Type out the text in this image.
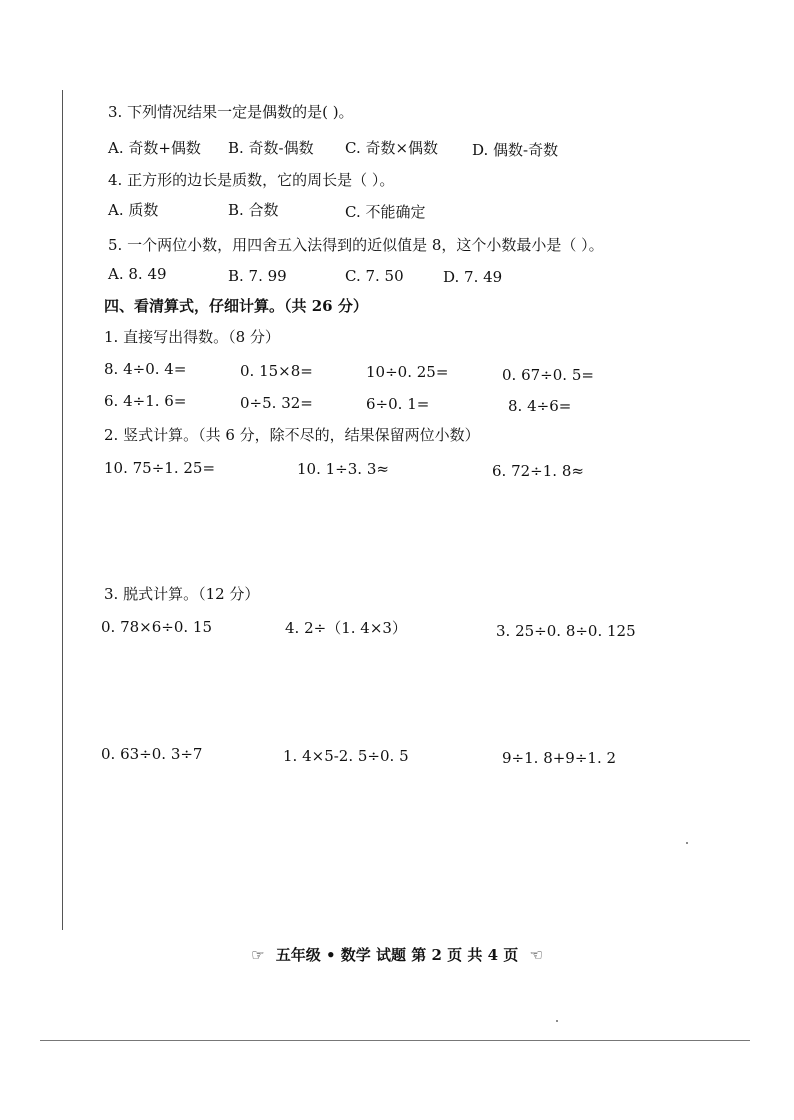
3. 下列情况结果一定是偶数的是( )。
A. 奇数+偶数 B. 奇数-偶数 C. 奇数×偶数 D. 偶数-奇数
4. 正方形的边长是质数，它的周长是（ ）。
A. 质数	B. 合数	C. 不能确定
5. 一个两位小数，用四舍五入法得到的近似值是 8，这个小数最小是（ ）。
A. 8. 49	B. 7. 99	C. 7. 50	D. 7. 49
四、看清算式，仔细计算。（共 26 分）
1. 直接写出得数。（8 分）
8. 4÷0. 4=	0. 15×8=	10÷0. 25=	0. 67÷0. 5=
6. 4÷1. 6=	0÷5. 32=	6÷0. 1=	8. 4÷6=
2. 竖式计算。（共 6 分，除不尽的，结果保留两位小数）
10. 75÷1. 25=	10. 1÷3. 3≈	6. 72÷1. 8≈
3. 脱式计算。（12 分）
0. 78×6÷0. 15	4. 2÷（1. 4×3）	3. 25÷0. 8÷0. 125
0. 63÷0. 3÷7	1. 4×5-2. 5÷0. 5	9÷1. 8+9÷1. 2
☞ 五年级 • 数学 试题 第 2 页 共 4 页 ☜
